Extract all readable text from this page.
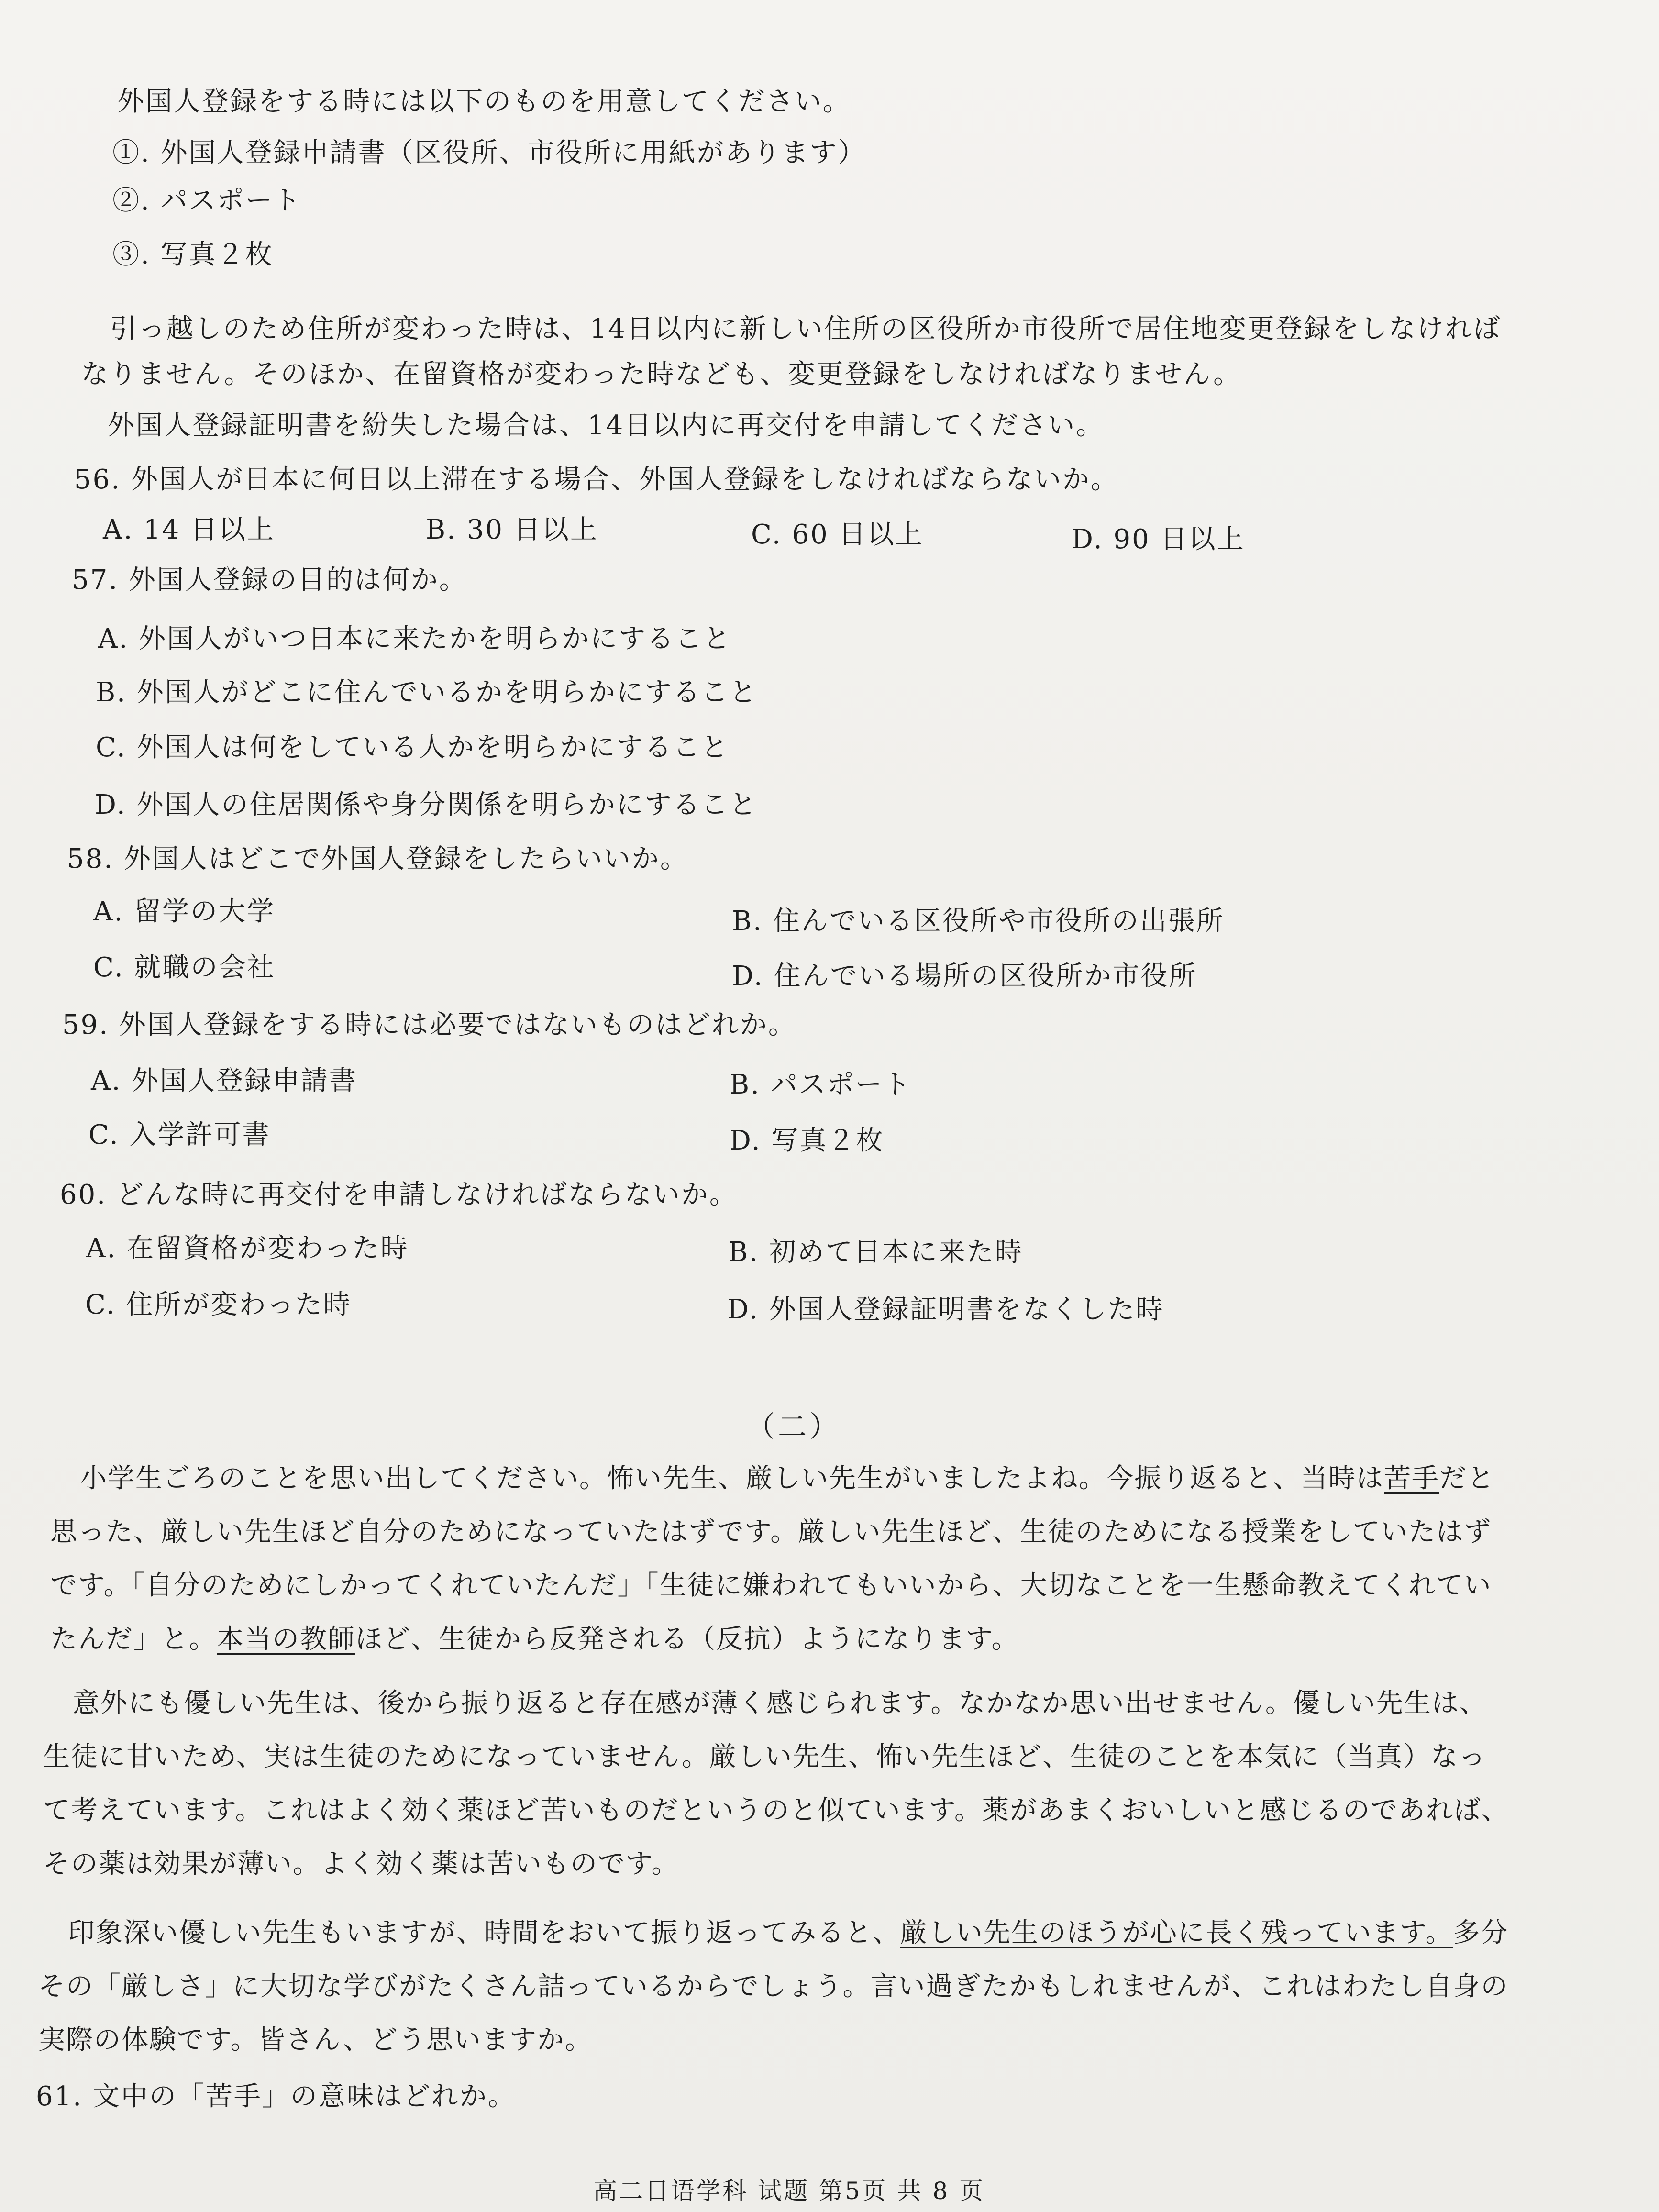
外国人登録をする時には以下のものを用意してください。
①. 外国人登録申請書（区役所、市役所に用紙があります）
②. パスポート
③. 写真２枚
引っ越しのため住所が変わった時は、14日以内に新しい住所の区役所か市役所で居住地変更登録をしなければ
なりません。そのほか、在留資格が変わった時なども、変更登録をしなければなりません。
外国人登録証明書を紛失した場合は、14日以内に再交付を申請してください。
56. 外国人が日本に何日以上滞在する場合、外国人登録をしなければならないか。
A. 14 日以上	B. 30 日以上	C. 60 日以上	D. 90 日以上
57. 外国人登録の目的は何か。
A. 外国人がいつ日本に来たかを明らかにすること
B. 外国人がどこに住んでいるかを明らかにすること
C. 外国人は何をしている人かを明らかにすること
D. 外国人の住居関係や身分関係を明らかにすること
58. 外国人はどこで外国人登録をしたらいいか。
A. 留学の大学	B. 住んでいる区役所や市役所の出張所
C. 就職の会社	D. 住んでいる場所の区役所か市役所
59. 外国人登録をする時には必要ではないものはどれか。
A. 外国人登録申請書	B. パスポート
C. 入学許可書	D. 写真２枚
60. どんな時に再交付を申請しなければならないか。
A. 在留資格が変わった時	B. 初めて日本に来た時
C. 住所が変わった時	D. 外国人登録証明書をなくした時
（二）
小学生ごろのことを思い出してください。怖い先生、厳しい先生がいましたよね。今振り返ると、当時は苦手だと思った、厳しい先生ほど自分のためになっていたはずです。厳しい先生ほど、生徒のためになる授業をしていたはずです。「自分のためにしかってくれていたんだ」「生徒に嫌われてもいいから、大切なことを一生懸命教えてくれていたんだ」と。本当の教師ほど、生徒から反発される（反抗）ようになります。
意外にも優しい先生は、後から振り返ると存在感が薄く感じられます。なかなか思い出せません。優しい先生は、生徒に甘いため、実は生徒のためになっていません。厳しい先生、怖い先生ほど、生徒のことを本気に（当真）なって考えています。これはよく効く薬ほど苦いものだというのと似ています。薬があまくおいしいと感じるのであれば、その薬は効果が薄い。よく効く薬は苦いものです。
印象深い優しい先生もいますが、時間をおいて振り返ってみると、厳しい先生のほうが心に長く残っています。多分その「厳しさ」に大切な学びがたくさん詰っているからでしょう。言い過ぎたかもしれませんが、これはわたし自身の実際の体験です。皆さん、どう思いますか。
61. 文中の「苦手」の意味はどれか。
高二日语学科 试题 第5页 共 8 页
